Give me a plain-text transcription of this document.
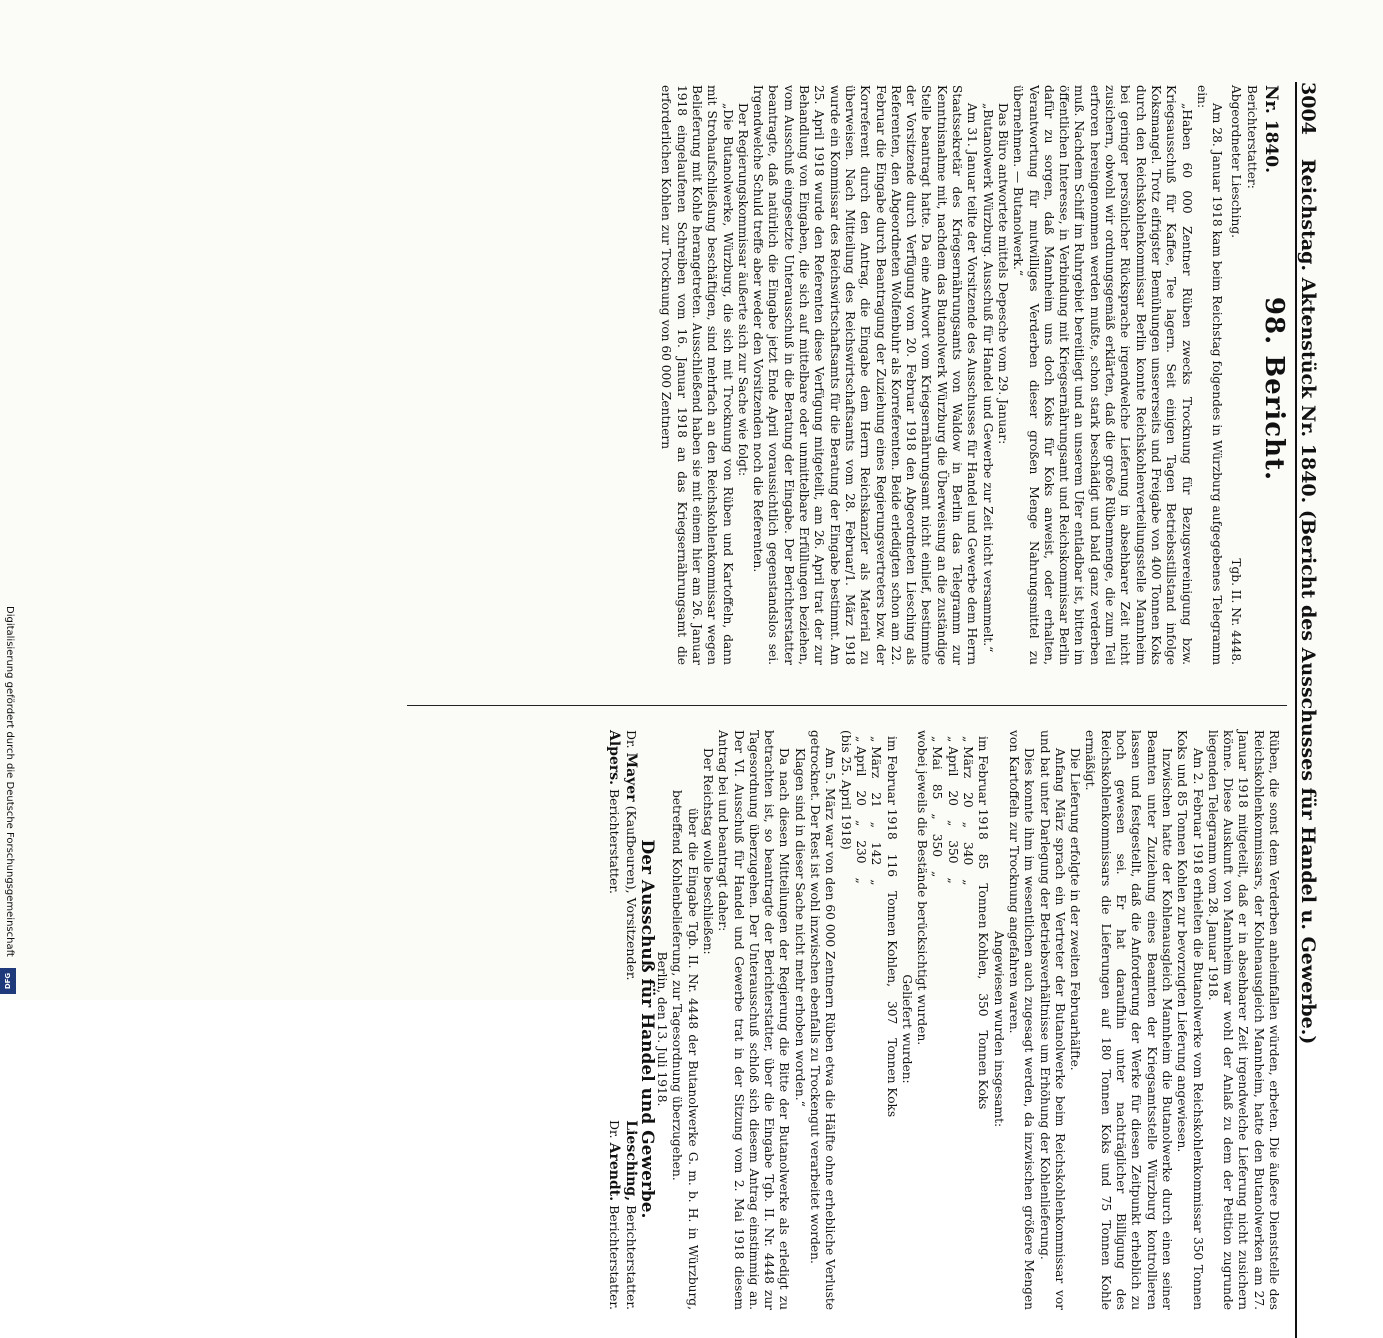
3004
Reichstag. Aktenstück Nr. 1840. (Bericht des Ausschusses für Handel u. Gewerbe.)
Nr. 1840.
98. Bericht.

Berichterstatter:

Abgeordneter Liesching.
Tgb. II. Nr. 4448.

Am 28. Januar 1918 kam beim Reichstag folgendes in Würzburg aufgegebenes Telegramm ein:

„Haben 60 000 Zentner Rüben zwecks Trocknung für Bezugsvereinigung bzw. Kriegsausschuß für Kaffee, Tee lagern. Seit einigen Tagen Betriebsstillstand infolge Koksmangel. Trotz eifrigster Bemühungen unsererseits und Freigabe von 400 Tonnen Koks durch den Reichskohlenkommissar Berlin konnte Reichskohlenverteilungsstelle Mannheim bei geringer persönlicher Rücksprache irgendwelche Lieferung in absehbarer Zeit nicht zusichern, obwohl wir ordnungsgemäß erklärten, daß die große Rübenmenge, die zum Teil erfroren hereingenommen werden mußte, schon stark beschädigt und bald ganz verderben muß. Nachdem Schiff im Ruhrgebiet bereitliegt und an unserem Ufer entladbar ist, bitten im öffentlichen Interesse, in Verbindung mit Kriegsernährungsamt und Reichskommissar Berlin dafür zu sorgen, daß Mannheim uns doch Koks für Koks anweist, oder erhalten, Verantwortung für mutwilliges Verderben dieser großen Menge Nahrungsmittel zu übernehmen. — Butanolwerk.“

Das Büro antwortete mittels Depesche vom 29. Januar:

„Butanolwerk Würzburg. Ausschuß für Handel und Gewerbe zur Zeit nicht versammelt.“

Am 31. Januar teilte der Vorsitzende des Ausschusses für Handel und Gewerbe dem Herrn Staatssekretär des Kriegsernährungsamts von Waldow in Berlin das Telegramm zur Kenntnisnahme mit, nachdem das Butanolwerk Würzburg die Überweisung an die zuständige Stelle beantragt hatte. Da eine Antwort vom Kriegsernährungsamt nicht einlief, bestimmte der Vorsitzende durch Verfügung vom 20. Februar 1918 den Abgeordneten Liesching als Referenten, den Abgeordneten Wolfenbuhr als Korreferenten. Beide erledigten schon am 22. Februar die Eingabe durch Beantragung der Zuziehung eines Regierungsvertreters bzw. der Korreferent durch den Antrag, die Eingabe dem Herrn Reichskanzler als Material zu überweisen. Nach Mitteilung des Reichswirtschaftsamts vom 28. Februar/1. März 1918 wurde ein Kommissar des Reichswirtschaftsamts für die Beratung der Eingabe bestimmt. Am 25. April 1918 wurde den Referenten diese Verfügung mitgeteilt, am 26. April trat der zur Behandlung von Eingaben, die sich auf mittelbare oder unmittelbare Erfüllungen beziehen, vom Ausschuß eingesetzte Unterausschuß in die Beratung der Eingabe. Der Berichterstatter beantragte, daß natürlich die Eingabe jetzt Ende April voraussichtlich gegenstandslos sei. Irgendwelche Schuld treffe aber weder den Vorsitzenden noch die Referenten.

Der Regierungskommissar äußerte sich zur Sache wie folgt:

„Die Butanolwerke, Würzburg, die sich mit Trocknung von Rüben und Kartoffeln, dann mit Strohaufschließung beschäftigen, sind mehrfach an den Reichskohlenkommissar wegen Belieferung mit Kohle herangetreten. Ausschließend haben sie mit einem hier am 26. Januar 1918 eingelaufenen Schreiben vom 16. Januar 1918 an das Kriegsernährungsamt die erforderlichen Kohlen zur Trocknung von 60 000 Zentnern

Rüben, die sonst dem Verderben anheimfallen würden, erbeten. Die äußere Dienststelle des Reichskohlenkommissars, der Kohlenausgleich Mannheim, hatte den Butanolwerken am 27. Januar 1918 mitgeteilt, daß er in absehbarer Zeit irgendwelche Lieferung nicht zusichern könne. Diese Auskunft von Mannheim war wohl der Anlaß zu dem der Petition zugrunde liegenden Telegramm vom 28. Januar 1918.

Am 2. Februar 1918 erhielten die Butanolwerke vom Reichskohlenkommissar 350 Tonnen Koks und 85 Tonnen Kohlen zur bevorzugten Lieferung angewiesen.

Inzwischen hatte der Kohlenausgleich Mannheim die Butanolwerke durch einen seiner Beamten unter Zuziehung eines Beamten der Kriegsamtsstelle Würzburg kontrollieren lassen und festgestellt, daß die Anforderung der Werke für diesen Zeitpunkt erheblich zu hoch gewesen sei. Er hat daraufhin unter nachträglicher Billigung des Reichskohlenkommissars die Lieferungen auf 180 Tonnen Koks und 75 Tonnen Kohle ermäßigt.

Die Lieferung erfolgte in der zweiten Februarhälfte.

Anfang März sprach ein Vertreter der Butanolwerke beim Reichskohlenkommissar vor und bat unter Darlegung der Betriebsverhältnisse um Erhöhung der Kohlenlieferung.

Dies konnte ihm im wesentlichen auch zugesagt werden, da inzwischen größere Mengen von Kartoffeln zur Trocknung angefahren waren.

Angewiesen wurden insgesamt:

im Februar 1918
85
Tonnen Kohlen,
350
Tonnen Koks
„ März
20
„
340
„
„ April
20
„
350
„
„ Mai
85
„
350
„

wobei jeweils die Bestände berücksichtigt wurden.

Geliefert wurden:

im Februar 1918
116
Tonnen Kohlen,
307
Tonnen Koks
„ März
21
„
142
„
„ April
20
„
230
„

(bis 25. April 1918)

Am 5. März war von den 60 000 Zentnern Rüben etwa die Hälfte ohne erhebliche Verluste getrocknet. Der Rest ist wohl inzwischen ebenfalls zu Trockengut verarbeitet worden.

Klagen sind in dieser Sache nicht mehr erhoben worden.“

Da nach diesen Mitteilungen der Regierung die Bitte der Butanolwerke als erledigt zu betrachten ist, so beantragte der Berichterstatter, über die Eingabe Tgb. II. Nr. 4448 zur Tagesordnung überzugehen. Der Unterausschuß schloß sich diesem Antrag einstimmig an. Der VI. Ausschuß für Handel und Gewerbe trat in der Sitzung vom 2. Mai 1918 diesem Antrag bei und beantragt daher:

Der Reichstag wolle beschließen:

über die Eingabe Tgb. II. Nr. 4448 der Butanolwerke G. m. b. H. in Würzburg, betreffend Kohlenbelieferung, zur Tagesordnung überzugehen.

Berlin, den 13. Juli 1918.

Der Ausschuß für Handel und Gewerbe.

Dr. Mayer (Kaufbeuren), Vorsitzender.
Liesching, Berichterstatter.
Alpers. Berichterstatter.
Dr. Arendt. Berichterstatter.
Digitalisierung gefördert durch die Deutsche Forschungsgemeinschaft
DFG
